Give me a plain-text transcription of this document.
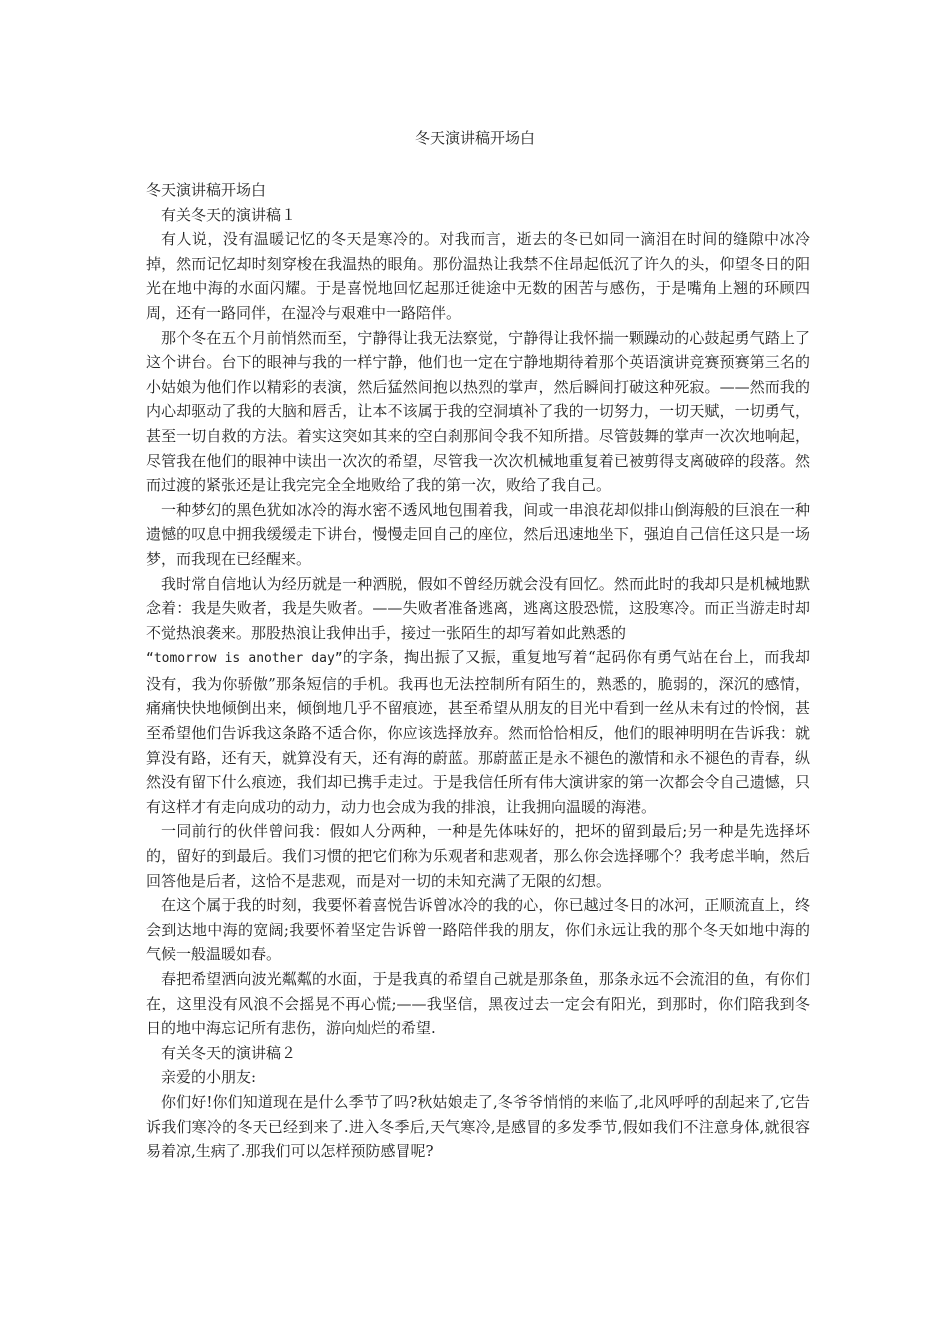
冬天演讲稿开场白

冬天演讲稿开场白

有关冬天的演讲稿１

有人说，没有温暖记忆的冬天是寒冷的。对我而言，逝去的冬已如同一滴泪在时间的缝隙中冰冷掉，然而记忆却时刻穿梭在我温热的眼角。那份温热让我禁不住昂起低沉了许久的头，仰望冬日的阳光在地中海的水面闪耀。于是喜悦地回忆起那迁徙途中无数的困苦与感伤，于是嘴角上翘的环顾四周，还有一路同伴，在湿冷与艰难中一路陪伴。

那个冬在五个月前悄然而至，宁静得让我无法察觉，宁静得让我怀揣一颗躁动的心鼓起勇气踏上了这个讲台。台下的眼神与我的一样宁静，他们也一定在宁静地期待着那个英语演讲竞赛预赛第三名的小姑娘为他们作以精彩的表演，然后猛然间抱以热烈的掌声，然后瞬间打破这种死寂。——然而我的内心却驱动了我的大脑和唇舌，让本不该属于我的空洞填补了我的一切努力，一切天赋，一切勇气，甚至一切自救的方法。着实这突如其来的空白刹那间令我不知所措。尽管鼓舞的掌声一次次地响起，尽管我在他们的眼神中读出一次次的希望，尽管我一次次机械地重复着已被剪得支离破碎的段落。然而过渡的紧张还是让我完完全全地败给了我的第一次，败给了我自己。

一种梦幻的黑色犹如冰冷的海水密不透风地包围着我，间或一串浪花却似排山倒海般的巨浪在一种遗憾的叹息中拥我缓缓走下讲台，慢慢走回自己的座位，然后迅速地坐下，强迫自己信任这只是一场梦，而我现在已经醒来。

我时常自信地认为经历就是一种洒脱，假如不曾经历就会没有回忆。然而此时的我却只是机械地默念着：我是失败者，我是失败者。——失败者准备逃离，逃离这股恐慌，这股寒冷。而正当游走时却不觉热浪袭来。那股热浪让我伸出手，接过一张陌生的却写着如此熟悉的
“tomorrow is another day”的字条，掏出振了又振，重复地写着“起码你有勇气站在台上，而我却没有，我为你骄傲”那条短信的手机。我再也无法控制所有陌生的，熟悉的，脆弱的，深沉的感情，痛痛快快地倾倒出来，倾倒地几乎不留痕迹，甚至希望从朋友的目光中看到一丝从未有过的怜悯，甚至希望他们告诉我这条路不适合你，你应该选择放弃。然而恰恰相反，他们的眼神明明在告诉我：就算没有路，还有天，就算没有天，还有海的蔚蓝。那蔚蓝正是永不褪色的激情和永不褪色的青春，纵然没有留下什么痕迹，我们却已携手走过。于是我信任所有伟大演讲家的第一次都会令自己遗憾，只有这样才有走向成功的动力，动力也会成为我的排浪，让我拥向温暖的海港。

一同前行的伙伴曾问我：假如人分两种，一种是先体味好的，把坏的留到最后;另一种是先选择坏的，留好的到最后。我们习惯的把它们称为乐观者和悲观者，那么你会选择哪个？我考虑半晌，然后回答他是后者，这恰不是悲观，而是对一切的未知充满了无限的幻想。

在这个属于我的时刻，我要怀着喜悦告诉曾冰冷的我的心，你已越过冬日的冰河，正顺流直上，终会到达地中海的宽阔;我要怀着坚定告诉曾一路陪伴我的朋友，你们永远让我的那个冬天如地中海的气候一般温暖如春。

春把希望洒向波光粼粼的水面，于是我真的希望自己就是那条鱼，那条永远不会流泪的鱼，有你们在，这里没有风浪不会摇晃不再心慌;——我坚信，黑夜过去一定会有阳光，到那时，你们陪我到冬日的地中海忘记所有悲伤，游向灿烂的希望.

有关冬天的演讲稿２

亲爱的小朋友:

你们好!你们知道现在是什么季节了吗?秋姑娘走了,冬爷爷悄悄的来临了,北风呼呼的刮起来了,它告诉我们寒冷的冬天已经到来了.进入冬季后,天气寒冷,是感冒的多发季节,假如我们不注意身体,就很容易着凉,生病了.那我们可以怎样预防感冒呢?
